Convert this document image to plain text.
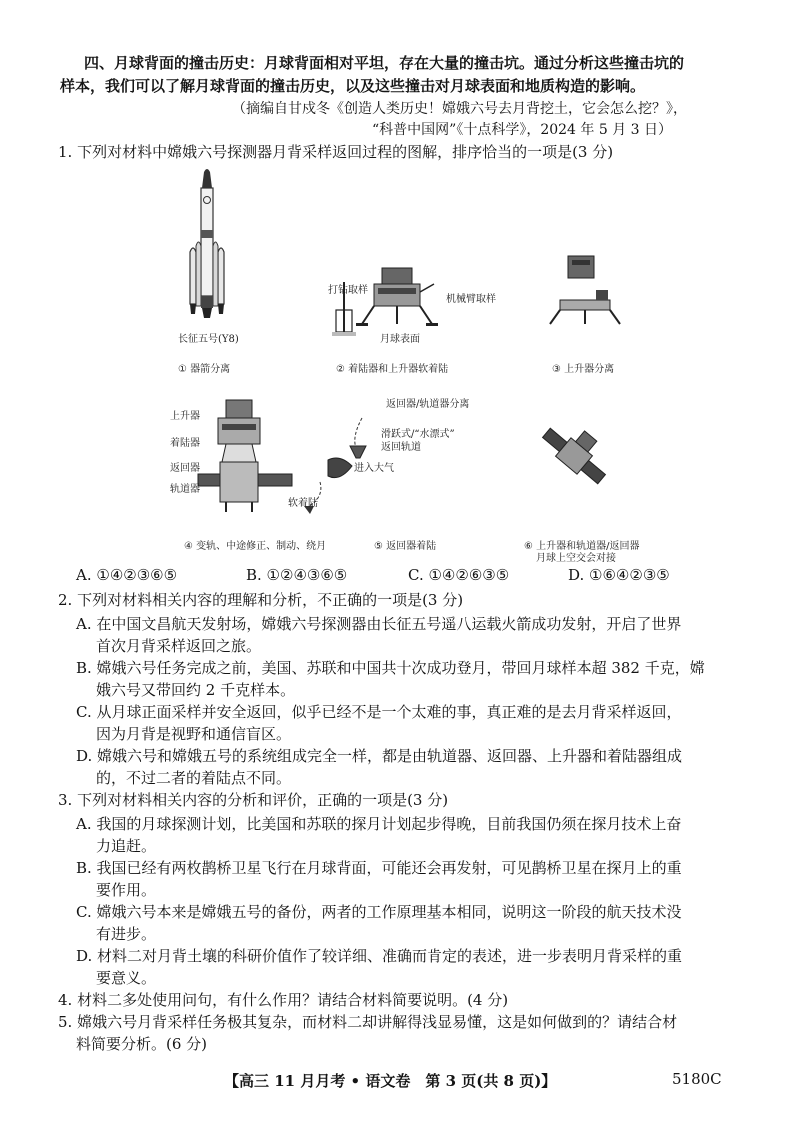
四、月球背面的撞击历史：月球背面相对平坦，存在大量的撞击坑。通过分析这些撞击坑的
样本，我们可以了解月球背面的撞击历史，以及这些撞击对月球表面和地质构造的影响。
（摘编自甘戍冬《创造人类历史！嫦娥六号去月背挖土，它会怎么挖？》，
“科普中国网”《十点科学》，2024 年 5 月 3 日）
1. 下列对材料中嫦娥六号探测器月背采样返回过程的图解，排序恰当的一项是(3 分)
长征五号(Y8)
打钻取样
机械臂取样
月球表面
① 器箭分离	② 着陆器和上升器软着陆	③ 上升器分离
上升器
着陆器
返回器
轨道器
返回器/轨道器分离
滑跃式/“水漂式”
返回轨道
进入大气
软着陆
④ 变轨、中途修正、制动、绕月	⑤ 返回器着陆	⑥ 上升器和轨道器/返回器
月球上空交会对接
A. ①④②③⑥⑤	B. ①②④③⑥⑤	C. ①④②⑥③⑤	D. ①⑥④②③⑤
2. 下列对材料相关内容的理解和分析，不正确的一项是(3 分)
A. 在中国文昌航天发射场，嫦娥六号探测器由长征五号遥八运载火箭成功发射，开启了世界
首次月背采样返回之旅。
B. 嫦娥六号任务完成之前，美国、苏联和中国共十次成功登月，带回月球样本超 382 千克，嫦
娥六号又带回约 2 千克样本。
C. 从月球正面采样并安全返回，似乎已经不是一个太难的事，真正难的是去月背采样返回，
因为月背是视野和通信盲区。
D. 嫦娥六号和嫦娥五号的系统组成完全一样，都是由轨道器、返回器、上升器和着陆器组成
的，不过二者的着陆点不同。
3. 下列对材料相关内容的分析和评价，正确的一项是(3 分)
A. 我国的月球探测计划，比美国和苏联的探月计划起步得晚，目前我国仍须在探月技术上奋
力追赶。
B. 我国已经有两枚鹊桥卫星飞行在月球背面，可能还会再发射，可见鹊桥卫星在探月上的重
要作用。
C. 嫦娥六号本来是嫦娥五号的备份，两者的工作原理基本相同，说明这一阶段的航天技术没
有进步。
D. 材料二对月背土壤的科研价值作了较详细、准确而肯定的表述，进一步表明月背采样的重
要意义。
4. 材料二多处使用问句，有什么作用？请结合材料简要说明。(4 分)
5. 嫦娥六号月背采样任务极其复杂，而材料二却讲解得浅显易懂，这是如何做到的？请结合材
料简要分析。(6 分)
【高三 11 月月考 • 语文卷　第 3 页(共 8 页)】	5180C
